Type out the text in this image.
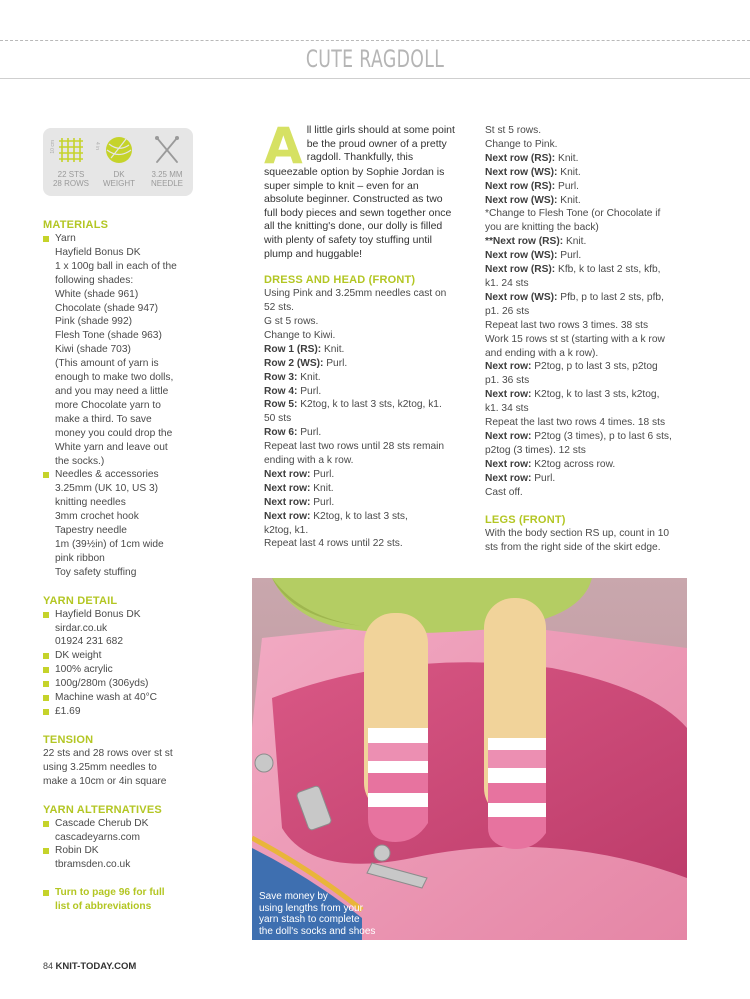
CUTE RAGDOLL
22 STS
28 ROWS
10 cm	4 in
DK
WEIGHT
3.25 MM
NEEDLE
MATERIALS
Yarn
Hayfield Bonus DK
1 x 100g ball in each of the
following shades:
White (shade 961)
Chocolate (shade 947)
Pink (shade 992)
Flesh Tone (shade 963)
Kiwi (shade 703)
(This amount of yarn is
enough to make two dolls,
and you may need a little
more Chocolate yarn to
make a third. To save
money you could drop the
White yarn and leave out
the socks.)
Needles & accessories
3.25mm (UK 10, US 3)
knitting needles
3mm crochet hook
Tapestry needle
1m (39½in) of 1cm wide
pink ribbon
Toy safety stuffing
YARN DETAIL
Hayfield Bonus DK
sirdar.co.uk
01924 231 682
DK weight
100% acrylic
100g/280m (306yds)
Machine wash at 40°C
£1.69
TENSION
22 sts and 28 rows over st st
using 3.25mm needles to
make a 10cm or 4in square
YARN ALTERNATIVES
Cascade Cherub DK
cascadeyarns.com
Robin DK
tbramsden.co.uk
Turn to page 96 for full
list of abbreviations
A ll little girls should at some point
be the proud owner of a pretty
ragdoll. Thankfully, this
squeezable option by Sophie Jordan is
super simple to knit – even for an
absolute beginner. Constructed as two
full body pieces and sewn together once
all the knitting's done, our dolly is filled
with plenty of safety toy stuffing until
plump and huggable!
DRESS AND HEAD (FRONT)
Using Pink and 3.25mm needles cast on
52 sts.
G st 5 rows.
Change to Kiwi.
Row 1 (RS): Knit.
Row 2 (WS): Purl.
Row 3: Knit.
Row 4: Purl.
Row 5: K2tog, k to last 3 sts, k2tog, k1.
50 sts
Row 6: Purl.
Repeat last two rows until 28 sts remain
ending with a k row.
Next row: Purl.
Next row: Knit.
Next row: Purl.
Next row: K2tog, k to last 3 sts,
k2tog, k1.
Repeat last 4 rows until 22 sts.
St st 5 rows.
Change to Pink.
Next row (RS): Knit.
Next row (WS): Knit.
Next row (RS): Purl.
Next row (WS): Knit.
*Change to Flesh Tone (or Chocolate if
you are knitting the back)
**Next row (RS): Knit.
Next row (WS): Purl.
Next row (RS): Kfb, k to last 2 sts, kfb,
k1. 24 sts
Next row (WS): Pfb, p to last 2 sts, pfb,
p1. 26 sts
Repeat last two rows 3 times. 38 sts
Work 15 rows st st (starting with a k row
and ending with a k row).
Next row: P2tog, p to last 3 sts, p2tog
p1. 36 sts
Next row: K2tog, k to last 3 sts, k2tog,
k1. 34 sts
Repeat the last two rows 4 times. 18 sts
Next row: P2tog (3 times), p to last 6 sts,
p2tog (3 times). 12 sts
Next row: K2tog across row.
Next row: Purl.
Cast off.
LEGS (FRONT)
With the body section RS up, count in 10
sts from the right side of the skirt edge.
Save money by
using lengths from your
yarn stash to complete
the doll's socks and shoes
84 KNIT-TODAY.COM
